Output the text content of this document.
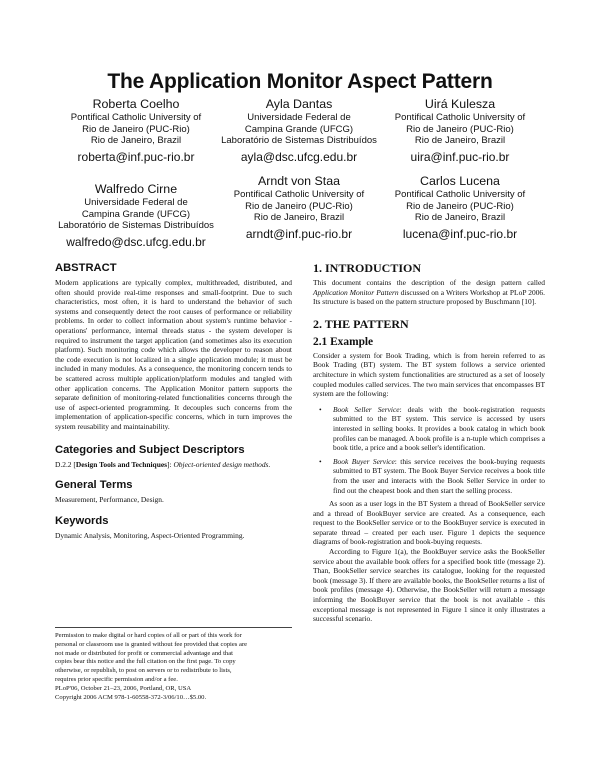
The Application Monitor Aspect Pattern
Roberta Coelho
Pontifical Catholic University of
Rio de Janeiro (PUC-Rio)
Rio de Janeiro, Brazil
roberta@inf.puc-rio.br
Ayla Dantas
Universidade Federal de
Campina Grande (UFCG)
Laboratório de Sistemas Distribuídos
ayla@dsc.ufcg.edu.br
Uirá Kulesza
Pontifical Catholic University of
Rio de Janeiro (PUC-Rio)
Rio de Janeiro, Brazil
uira@inf.puc-rio.br
Walfredo Cirne
Universidade Federal de
Campina Grande (UFCG)
Laboratório de Sistemas Distribuídos
walfredo@dsc.ufcg.edu.br
Arndt von Staa
Pontifical Catholic University of
Rio de Janeiro (PUC-Rio)
Rio de Janeiro, Brazil
arndt@inf.puc-rio.br
Carlos Lucena
Pontifical Catholic University of
Rio de Janeiro (PUC-Rio)
Rio de Janeiro, Brazil
lucena@inf.puc-rio.br
ABSTRACT

Modern applications are typically complex, multithreaded, distributed, and often should provide real-time responses and small-footprint. Due to such characteristics, most often, it is hard to understand the behavior of such systems and consequently detect the root causes of performance or reliability problems. In order to collect information about system's runtime behavior - operations' performance, internal threads status - the system developer is required to instrument the target application (and sometimes also its execution platform). Such monitoring code which allows the developer to reason about the code execution is not localized in a single application module; it must be included in many modules. As a consequence, the monitoring concern tends to be scattered across multiple application/platform modules and tangled with other application concerns. The Application Monitor pattern supports the separate definition of monitoring-related functionalities concerns through the use of aspect-oriented programming. It decouples such concerns from the implementation of application-specific concerns, which in turn improves the system reusability and maintainability.

Categories and Subject Descriptors

D.2.2 [Design Tools and Techniques]: Object-oriented design methods.

General Terms

Measurement, Performance, Design.

Keywords

Dynamic Analysis, Monitoring, Aspect-Oriented Programming.

Permission to make digital or hard copies of all or part of this work for

personal or classroom use is granted without fee provided that copies are

not made or distributed for profit or commercial advantage and that

copies bear this notice and the full citation on the first page. To copy

otherwise, or republish, to post on servers or to redistribute to lists,

requires prior specific permission and/or a fee.

PLoP'06, October 21–23, 2006, Portland, OR, USA

Copyright 2006 ACM 978-1-60558-372-3/06/10…$5.00.

1. INTRODUCTION

This document contains the description of the design pattern called Application Monitor Pattern discussed on a Writers Workshop at PLoP 2006. Its structure is based on the pattern structure proposed by Buschmann [10].

2. THE PATTERN
2.1 Example

Consider a system for Book Trading, which is from herein referred to as Book Trading (BT) system. The BT system follows a service oriented architecture in which system functionalities are structured as a set of loosely coupled modules called services. The two main services that encompasses BT system are the following:

• Book Seller Service: deals with the book-registration requests submitted to the BT system. This service is accessed by users interested in selling books. It provides a book catalog in which book profiles can be managed. A book profile is a n-tuple which comprises a book title, a price and a book seller's identification.
• Book Buyer Service: this service receives the book-buying requests submitted to BT system. The Book Buyer Service receives a book title from the user and interacts with the Book Seller Service in order to find out the cheapest book and then start the selling process.

As soon as a user logs in the BT System a thread of BookSeller service and a thread of BookBuyer service are created. As a consequence, each request to the BookSeller service or to the BookBuyer service is executed in separate thread – created per each user. Figure 1 depicts the sequence diagrams of book-registration and book-buying requests.

According to Figure 1(a), the BookBuyer service asks the BookSeller service about the available book offers for a specified book title (message 2). Than, BookSeller service searches its catalogue, looking for the requested book (message 3). If there are available books, the BookSeller returns a list of book profiles (message 4). Otherwise, the BookSeller will return a message informing the BookBuyer service that the book is not available - this exceptional message is not represented in Figure 1 since it only illustrates a successful scenario.
